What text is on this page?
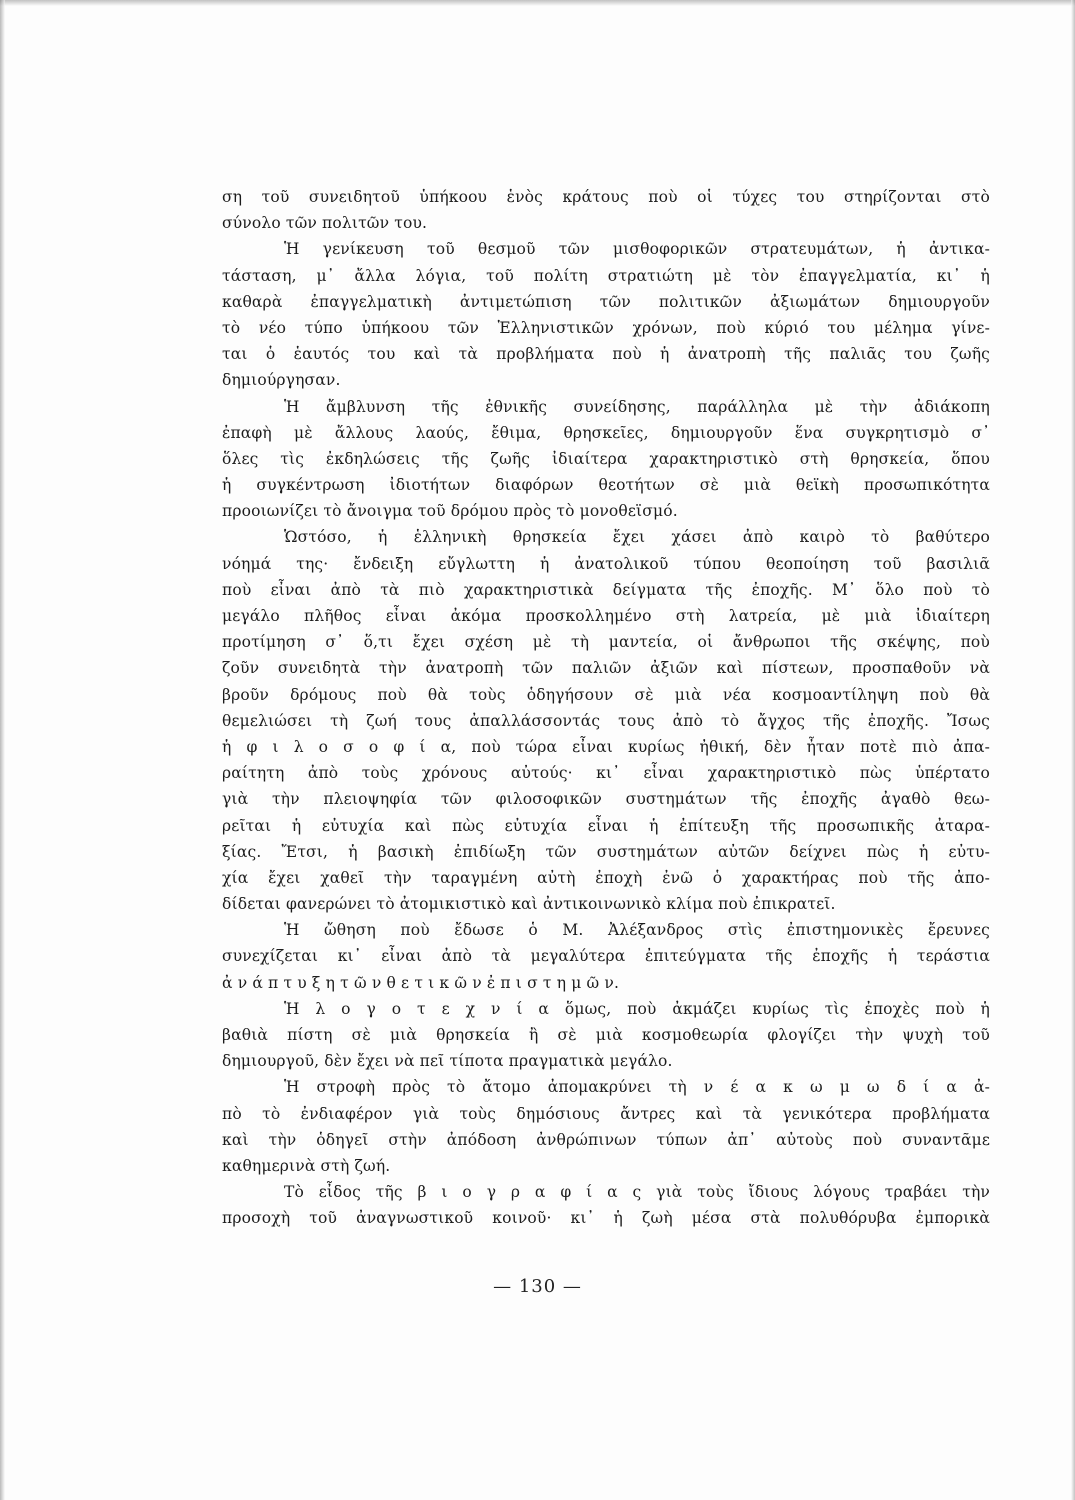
ση τοῦ συνειδητοῦ ὑπήκοου ἑνὸς κράτους ποὺ οἱ τύχες του στηρίζονται στὸ
σύνολο τῶν πολιτῶν του.
Ἡ γενίκευση τοῦ θεσμοῦ τῶν μισθοφορικῶν στρατευμάτων, ἡ ἀντικα-
τάσταση, μ᾿ ἄλλα λόγια, τοῦ πολίτη στρατιώτη μὲ τὸν ἐπαγγελματία, κι᾿ ἡ
καθαρὰ ἐπαγγελματικὴ ἀντιμετώπιση τῶν πολιτικῶν ἀξιωμάτων δημιουργοῦν
τὸ νέο τύπο ὑπήκοου τῶν Ἑλληνιστικῶν χρόνων, ποὺ κύριό του μέλημα γίνε-
ται ὁ ἑαυτός του καὶ τὰ προβλήματα ποὺ ἡ ἀνατροπὴ τῆς παλιᾶς του ζωῆς
δημιούργησαν.
Ἡ ἄμβλυνση τῆς ἐθνικῆς συνείδησης, παράλληλα μὲ τὴν ἀδιάκοπη
ἐπαφὴ μὲ ἄλλους λαούς, ἔθιμα, θρησκεῖες, δημιουργοῦν ἕνα συγκρητισμὸ σ᾿
ὅλες τὶς ἐκδηλώσεις τῆς ζωῆς ἰδιαίτερα χαρακτηριστικὸ στὴ θρησκεία, ὅπου
ἡ συγκέντρωση ἰδιοτήτων διαφόρων θεοτήτων σὲ μιὰ θεϊκὴ προσωπικότητα
προοιωνίζει τὸ ἄνοιγμα τοῦ δρόμου πρὸς τὸ μονοθεϊσμό.
Ὡστόσο, ἡ ἑλληνικὴ θρησκεία ἔχει χάσει ἀπὸ καιρὸ τὸ βαθύτερο
νόημά της· ἔνδειξη εὔγλωττη ἡ ἀνατολικοῦ τύπου θεοποίηση τοῦ βασιλιᾶ
ποὺ εἶναι ἀπὸ τὰ πιὸ χαρακτηριστικὰ δείγματα τῆς ἐποχῆς. Μ᾿ ὅλο ποὺ τὸ
μεγάλο πλῆθος εἶναι ἀκόμα προσκολλημένο στὴ λατρεία, μὲ μιὰ ἰδιαίτερη
προτίμηση σ᾿ ὅ,τι ἔχει σχέση μὲ τὴ μαντεία, οἱ ἄνθρωποι τῆς σκέψης, ποὺ
ζοῦν συνειδητὰ τὴν ἀνατροπὴ τῶν παλιῶν ἀξιῶν καὶ πίστεων, προσπαθοῦν νὰ
βροῦν δρόμους ποὺ θὰ τοὺς ὁδηγήσουν σὲ μιὰ νέα κοσμοαντίληψη ποὺ θὰ
θεμελιώσει τὴ ζωή τους ἀπαλλάσσοντάς τους ἀπὸ τὸ ἄγχος τῆς ἐποχῆς. Ἴσως
ἡ φ ι λ ο σ ο φ ί α, ποὺ τώρα εἶναι κυρίως ἠθική, δὲν ἦταν ποτὲ πιὸ ἀπα-
ραίτητη ἀπὸ τοὺς χρόνους αὐτούς· κι᾿ εἶναι χαρακτηριστικὸ πὼς ὑπέρτατο
γιὰ τὴν πλειοψηφία τῶν φιλοσοφικῶν συστημάτων τῆς ἐποχῆς ἀγαθὸ θεω-
ρεῖται ἡ εὐτυχία καὶ πὼς εὐτυχία εἶναι ἡ ἐπίτευξη τῆς προσωπικῆς ἀταρα-
ξίας. Ἔτσι, ἡ βασικὴ ἐπιδίωξη τῶν συστημάτων αὐτῶν δείχνει πὼς ἡ εὐτυ-
χία ἔχει χαθεῖ τὴν ταραγμένη αὐτὴ ἐποχὴ ἐνῶ ὁ χαρακτήρας ποὺ τῆς ἀπο-
δίδεται φανερώνει τὸ ἀτομικιστικὸ καὶ ἀντικοινωνικὸ κλίμα ποὺ ἐπικρατεῖ.
Ἡ ὤθηση ποὺ ἔδωσε ὁ Μ. Ἀλέξανδρος στὶς ἐπιστημονικὲς ἔρευνες
συνεχίζεται κι᾿ εἶναι ἀπὸ τὰ μεγαλύτερα ἐπιτεύγματα τῆς ἐποχῆς ἡ τεράστια
ἀ ν ά π τ υ ξ η τ ῶ ν θ ε τ ι κ ῶ ν ἐ π ι σ τ η μ ῶ ν.
Ἡ λ ο γ ο τ ε χ ν ί α ὅμως, ποὺ ἀκμάζει κυρίως τὶς ἐποχὲς ποὺ ἡ
βαθιὰ πίστη σὲ μιὰ θρησκεία ἢ σὲ μιὰ κοσμοθεωρία φλογίζει τὴν ψυχὴ τοῦ
δημιουργοῦ, δὲν ἔχει νὰ πεῖ τίποτα πραγματικὰ μεγάλο.
Ἡ στροφὴ πρὸς τὸ ἄτομο ἀπομακρύνει τὴ ν έ α κ ω μ ω δ ί α ἀ-
πὸ τὸ ἐνδιαφέρον γιὰ τοὺς δημόσιους ἄντρες καὶ τὰ γενικότερα προβλήματα
καὶ τὴν ὁδηγεῖ στὴν ἀπόδοση ἀνθρώπινων τύπων ἀπ᾿ αὐτοὺς ποὺ συναντᾶμε
καθημερινὰ στὴ ζωή.
Τὸ εἶδος τῆς β ι ο γ ρ α φ ί α ς γιὰ τοὺς ἴδιους λόγους τραβάει τὴν
προσοχὴ τοῦ ἀναγνωστικοῦ κοινοῦ· κι᾿ ἡ ζωὴ μέσα στὰ πολυθόρυβα ἐμπορικὰ
— 130 —
